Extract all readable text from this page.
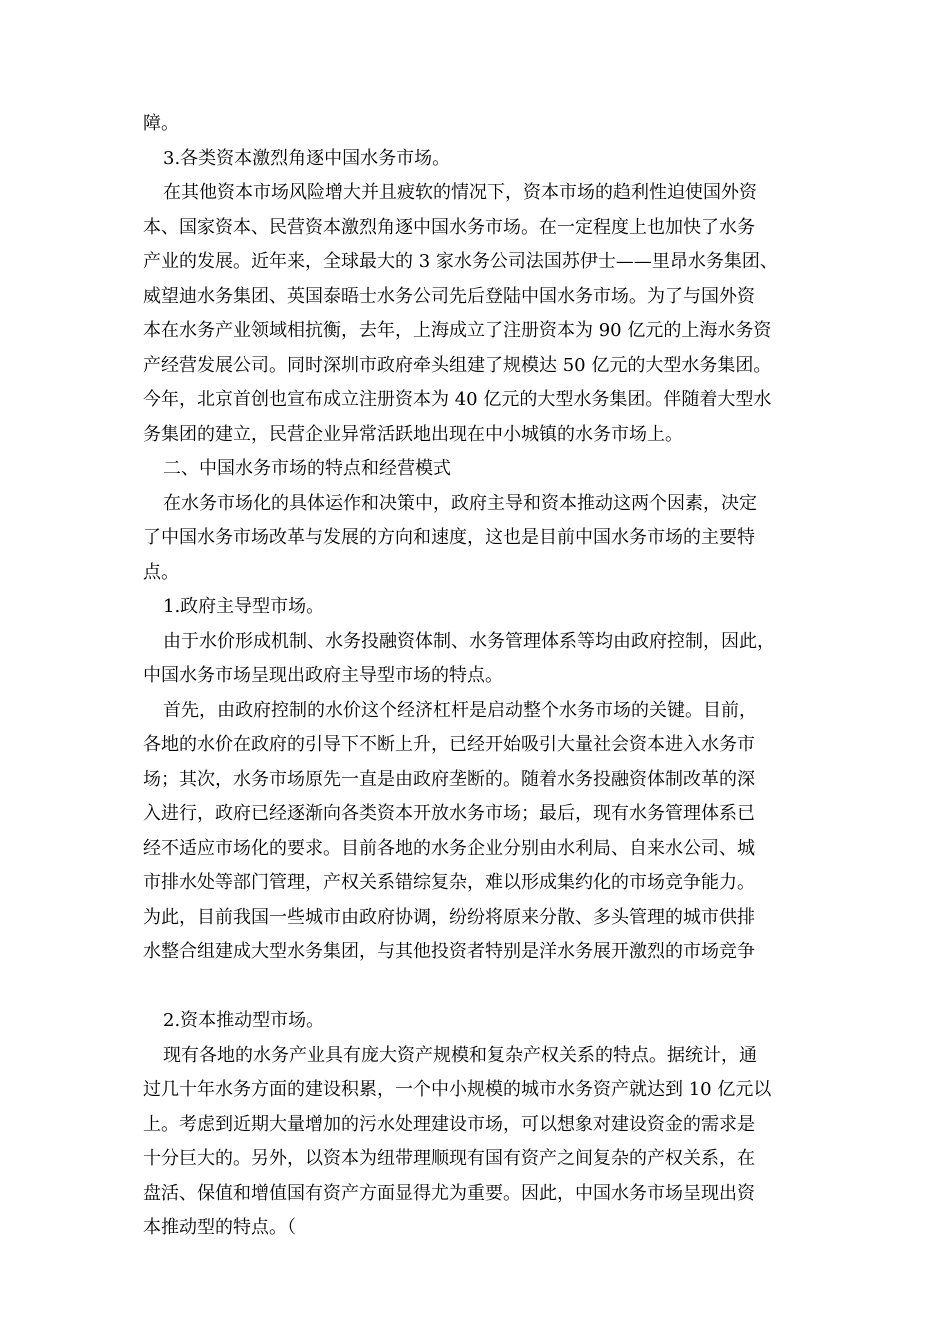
障。
3.各类资本激烈角逐中国水务市场。
在其他资本市场风险增大并且疲软的情况下，资本市场的趋利性迫使国外资
本、国家资本、民营资本激烈角逐中国水务市场。在一定程度上也加快了水务
产业的发展。近年来，全球最大的 3 家水务公司法国苏伊士——里昂水务集团、
威望迪水务集团、英国泰晤士水务公司先后登陆中国水务市场。为了与国外资
本在水务产业领域相抗衡，去年，上海成立了注册资本为 90 亿元的上海水务资
产经营发展公司。同时深圳市政府牵头组建了规模达 50 亿元的大型水务集团。
今年，北京首创也宣布成立注册资本为 40 亿元的大型水务集团。伴随着大型水
务集团的建立，民营企业异常活跃地出现在中小城镇的水务市场上。
二、中国水务市场的特点和经营模式
在水务市场化的具体运作和决策中，政府主导和资本推动这两个因素，决定
了中国水务市场改革与发展的方向和速度，这也是目前中国水务市场的主要特
点。
1.政府主导型市场。
由于水价形成机制、水务投融资体制、水务管理体系等均由政府控制，因此，
中国水务市场呈现出政府主导型市场的特点。
首先，由政府控制的水价这个经济杠杆是启动整个水务市场的关键。目前，
各地的水价在政府的引导下不断上升，已经开始吸引大量社会资本进入水务市
场；其次，水务市场原先一直是由政府垄断的。随着水务投融资体制改革的深
入进行，政府已经逐渐向各类资本开放水务市场；最后，现有水务管理体系已
经不适应市场化的要求。目前各地的水务企业分别由水利局、自来水公司、城
市排水处等部门管理，产权关系错综复杂，难以形成集约化的市场竞争能力。
为此，目前我国一些城市由政府协调，纷纷将原来分散、多头管理的城市供排
水整合组建成大型水务集团，与其他投资者特别是洋水务展开激烈的市场竞争
2.资本推动型市场。
现有各地的水务产业具有庞大资产规模和复杂产权关系的特点。据统计，通
过几十年水务方面的建设积累，一个中小规模的城市水务资产就达到 10 亿元以
上。考虑到近期大量增加的污水处理建设市场，可以想象对建设资金的需求是
十分巨大的。另外，以资本为纽带理顺现有国有资产之间复杂的产权关系，在
盘活、保值和增值国有资产方面显得尤为重要。因此，中国水务市场呈现出资
本推动型的特点。（
